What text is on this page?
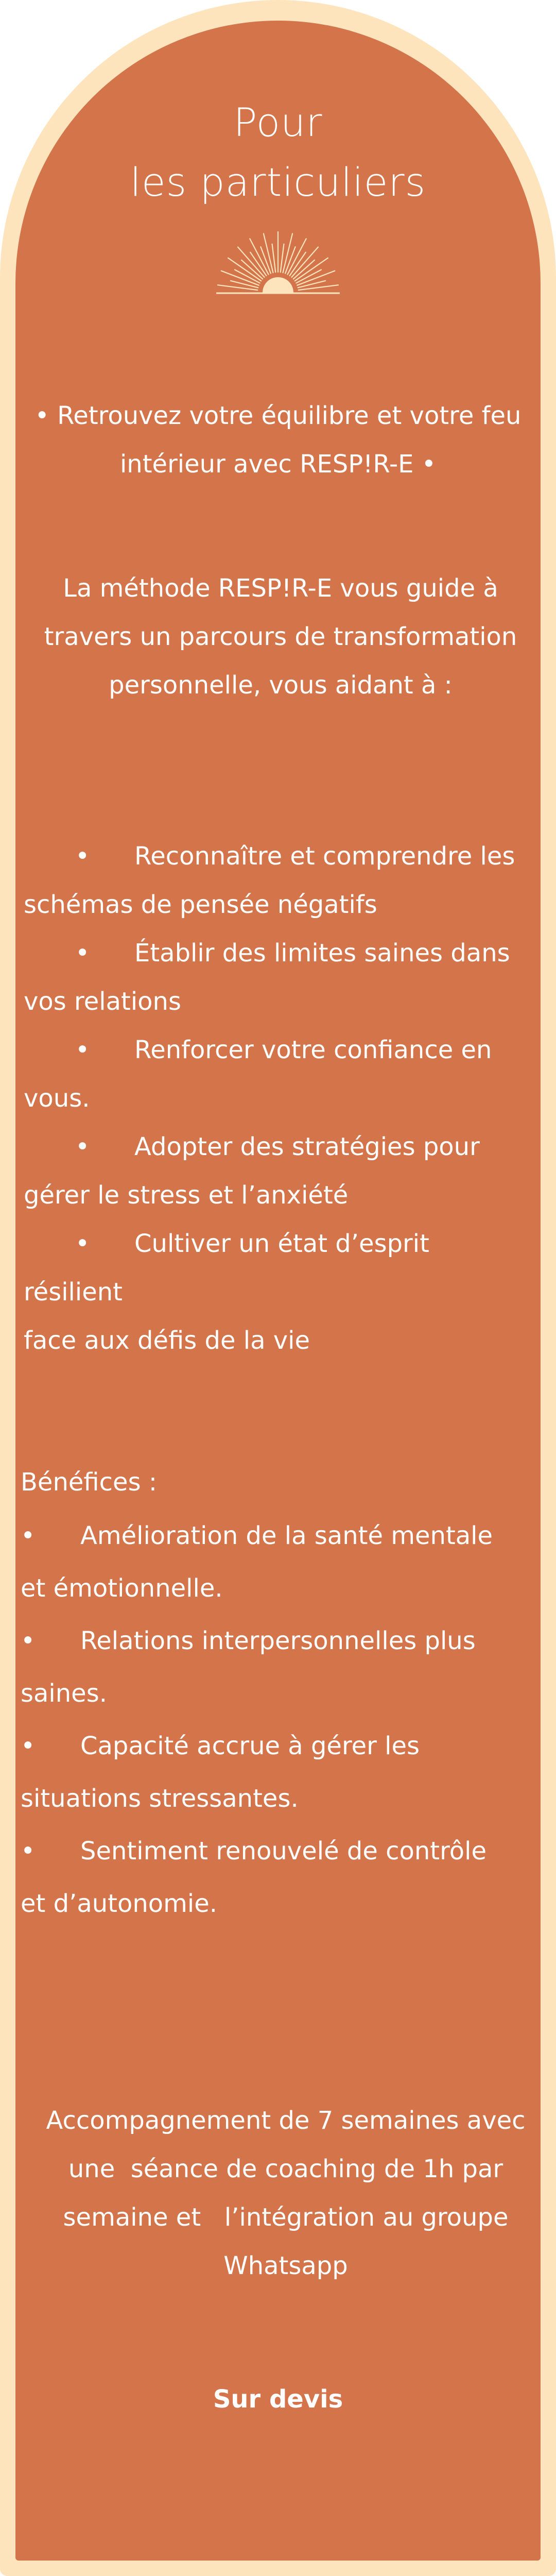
Pour
les particuliers

• Retrouvez votre équilibre et votre feu
intérieur avec RESP!R-E •

La méthode RESP!R-E vous guide à
travers un parcours de transformation
personnelle, vous aidant à :

• Reconnaître et comprendre les
schémas de pensée négatifs
• Établir des limites saines dans
vos relations
• Renforcer votre confiance en
vous.
• Adopter des stratégies pour
gérer le stress et l’anxiété
• Cultiver un état d’esprit résilient
face aux défis de la vie

Bénéfices :

• Amélioration de la santé mentale
et émotionnelle.
• Relations interpersonnelles plus
saines.
• Capacité accrue à gérer les
situations stressantes.
• Sentiment renouvelé de contrôle
et d’autonomie.

Accompagnement de 7 semaines avec
une  séance de coaching de 1h par
semaine et   l’intégration au groupe
Whatsapp

Sur devis
